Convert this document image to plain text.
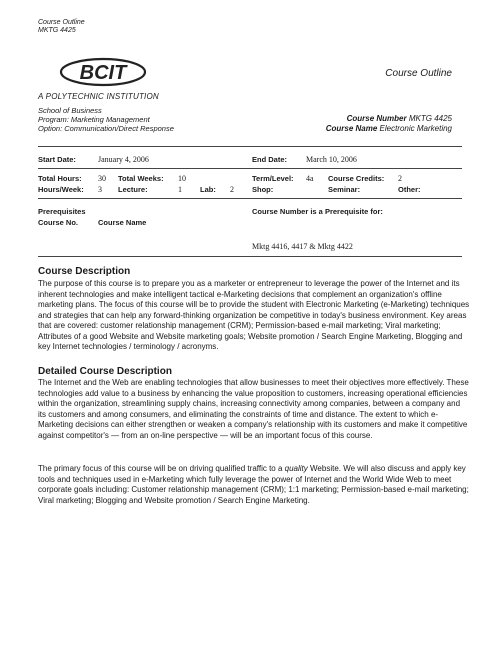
Course Outline
MKTG 4425
BCIT
A POLYTECHNIC INSTITUTION
Course Outline
School of Business
Program: Marketing Management
Option: Communication/Direct Response
Course Number MKTG 4425
Course Name Electronic Marketing
Start Date:	January 4, 2006	End Date: March 10, 2006
Total Hours: 30 Total Weeks: 10	Term/Level: 4a Course Credits: 2
Hours/Week: 3 Lecture:	1 Lab: 2 Shop:	Seminar:	Other:
Prerequisites
Course No.	Course Name
Course Number is a Prerequisite for:
Mktg 4416, 4417 & Mktg 4422
Course Description
The purpose of this course is to prepare you as a marketer or entrepreneur to leverage the power of the Internet and its inherent technologies and make intelligent tactical e-Marketing decisions that complement an organization's offline marketing plans. The focus of this course will be to provide the student with Electronic Marketing (e-Marketing) techniques and strategies that can help any forward-thinking organization be competitive in today's business environment. Key areas that are covered: customer relationship management (CRM); Permission-based e-mail marketing; Viral marketing; Attributes of a good Website and Website marketing goals; Website promotion / Search Engine Marketing, Blogging and key Internet technologies / terminology / acronyms.
Detailed Course Description
The Internet and the Web are enabling technologies that allow businesses to meet their objectives more effectively. These technologies add value to a business by enhancing the value proposition to customers, increasing operational efficiencies within the organization, streamlining supply chains, increasing connectivity among companies, between a company and its customers and among consumers, and eliminating the constraints of time and distance. The extent to which e-Marketing decisions can either strengthen or weaken a company's relationship with its customers and make it competitive against competitor's — from an on-line perspective — will be an important focus of this course.
The primary focus of this course will be on driving qualified traffic to a quality Website. We will also discuss and apply key tools and techniques used in e-Marketing which fully leverage the power of Internet and the World Wide Web to meet corporate goals including: Customer relationship management (CRM); 1:1 marketing; Permission-based e-mail marketing; Viral marketing; Blogging and Website promotion / Search Engine Marketing.
